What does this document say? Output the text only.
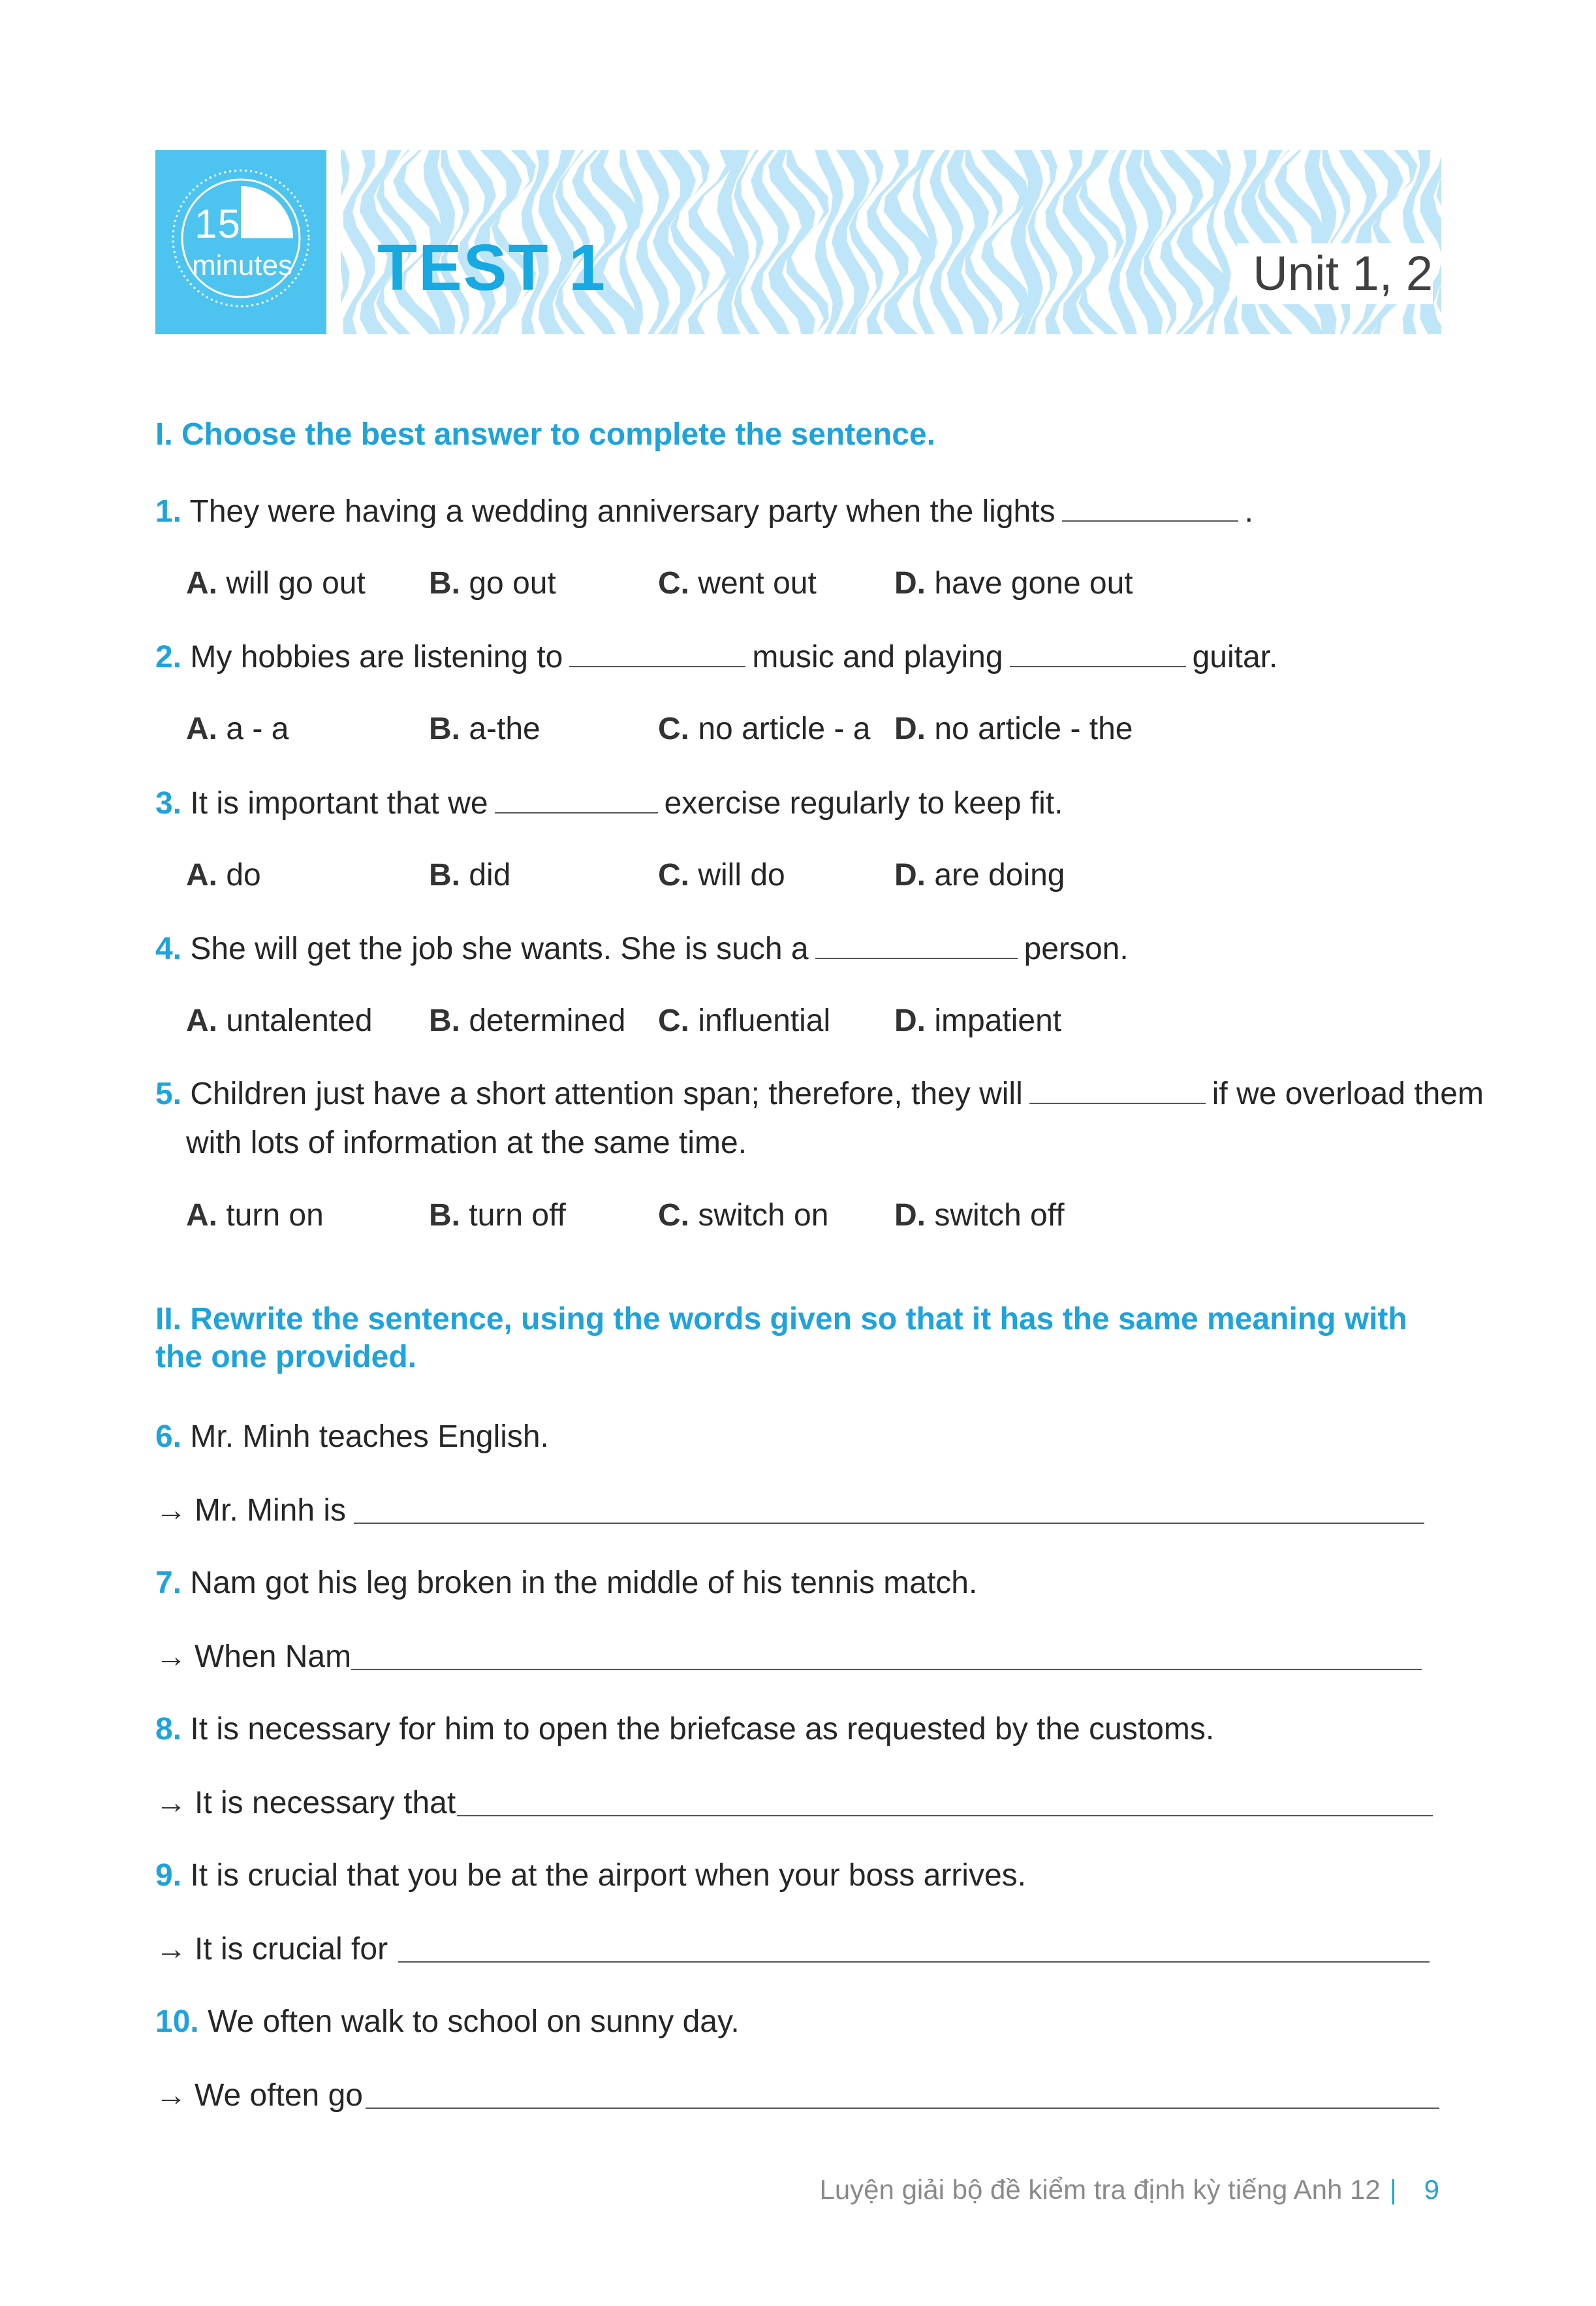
15
minutes TEST 1	Unit 1, 2
I. Choose the best answer to complete the sentence.
1. They were having a wedding anniversary party when the lights	.
A. will go out B. go out	C. went out D. have gone out
2. My hobbies are listening to	music and playing	guitar.
A. a - a	B. a-the	C. no article - a D. no article - the
3. It is important that we	exercise regularly to keep fit.
A. do	B. did	C. will do	D. are doing
4. She will get the job she wants. She is such a	person.
A. untalented B. determined C. influential D. impatient
5. Children just have a short attention span; therefore, they will	if we overload them
with lots of information at the same time.
A. turn on	B. turn off	C. switch on D. switch off
II. Rewrite the sentence, using the words given so that it has the same meaning with the one provided.
6. Mr. Minh teaches English.
→ Mr. Minh is
7. Nam got his leg broken in the middle of his tennis match.
→ When Nam
8. It is necessary for him to open the briefcase as requested by the customs.
→ It is necessary that
9. It is crucial that you be at the airport when your boss arrives.
→ It is crucial for
10. We often walk to school on sunny day.
→ We often go
Luyện giải bộ đề kiểm tra định kỳ tiếng Anh 12 | 9
